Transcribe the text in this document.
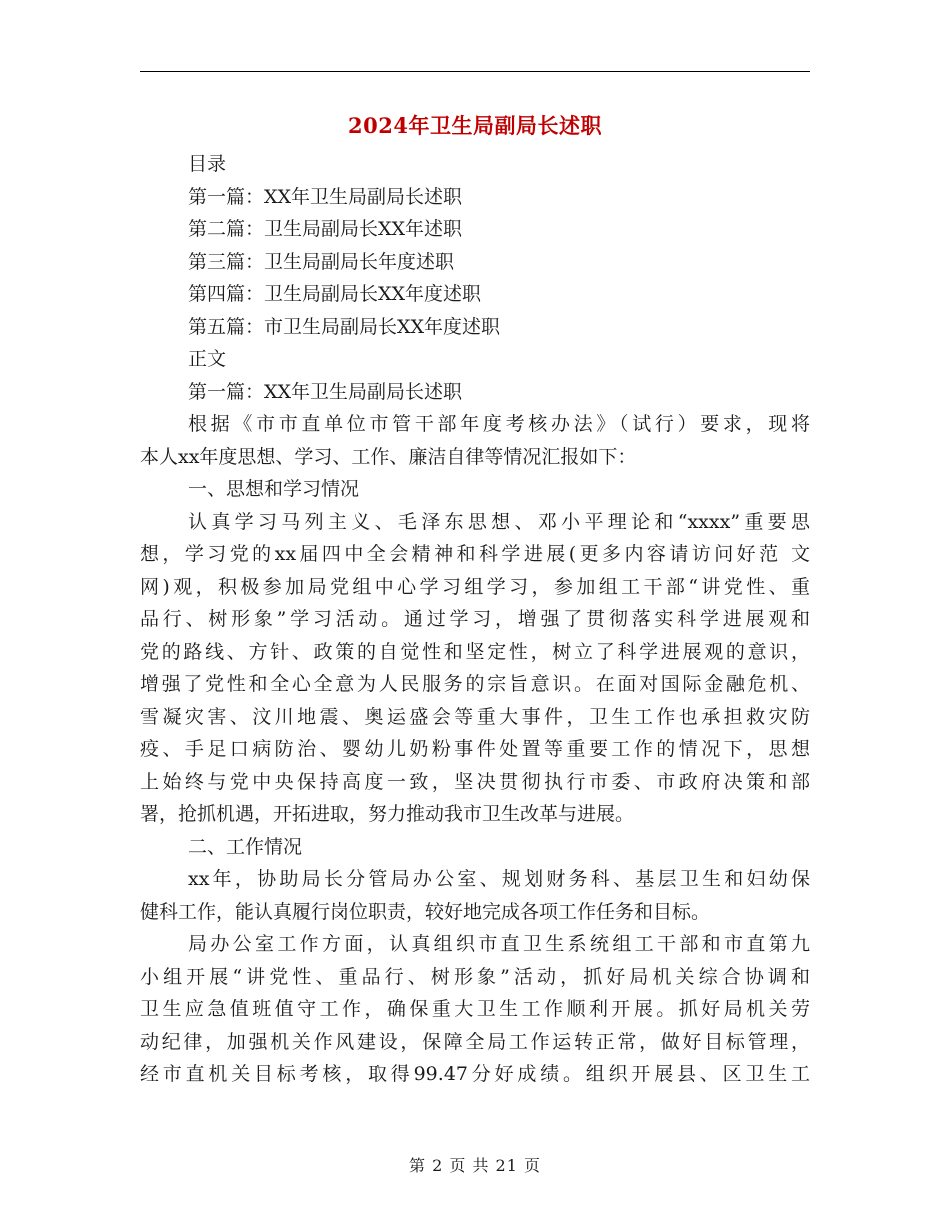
2024年卫生局副局长述职
目录
第一篇：XX年卫生局副局长述职
第二篇：卫生局副局长XX年述职
第三篇：卫生局副局长年度述职
第四篇：卫生局副局长XX年度述职
第五篇：市卫生局副局长XX年度述职
正文
第一篇：XX年卫生局副局长述职
根据《市市直单位市管干部年度考核办法》（试行）要求，现将
本人xx年度思想、学习、工作、廉洁自律等情况汇报如下：
一、思想和学习情况
认真学习马列主义、毛泽东思想、邓小平理论和“xxxx”重要思
想，学习党的xx届四中全会精神和科学进展(更多内容请访问好范 文
网)观，积极参加局党组中心学习组学习，参加组工干部“讲党性、重
品行、树形象”学习活动。通过学习，增强了贯彻落实科学进展观和
党的路线、方针、政策的自觉性和坚定性，树立了科学进展观的意识，
增强了党性和全心全意为人民服务的宗旨意识。在面对国际金融危机、
雪凝灾害、汶川地震、奥运盛会等重大事件，卫生工作也承担救灾防
疫、手足口病防治、婴幼儿奶粉事件处置等重要工作的情况下，思想
上始终与党中央保持高度一致，坚决贯彻执行市委、市政府决策和部
署，抢抓机遇，开拓进取，努力推动我市卫生改革与进展。
二、工作情况
xx年，协助局长分管局办公室、规划财务科、基层卫生和妇幼保
健科工作，能认真履行岗位职责，较好地完成各项工作任务和目标。
局办公室工作方面，认真组织市直卫生系统组工干部和市直第九
小组开展“讲党性、重品行、树形象”活动，抓好局机关综合协调和
卫生应急值班值守工作，确保重大卫生工作顺利开展。抓好局机关劳
动纪律，加强机关作风建设，保障全局工作运转正常，做好目标管理，
经市直机关目标考核，取得99.47分好成绩。组织开展县、区卫生工
第 2 页 共 21 页
